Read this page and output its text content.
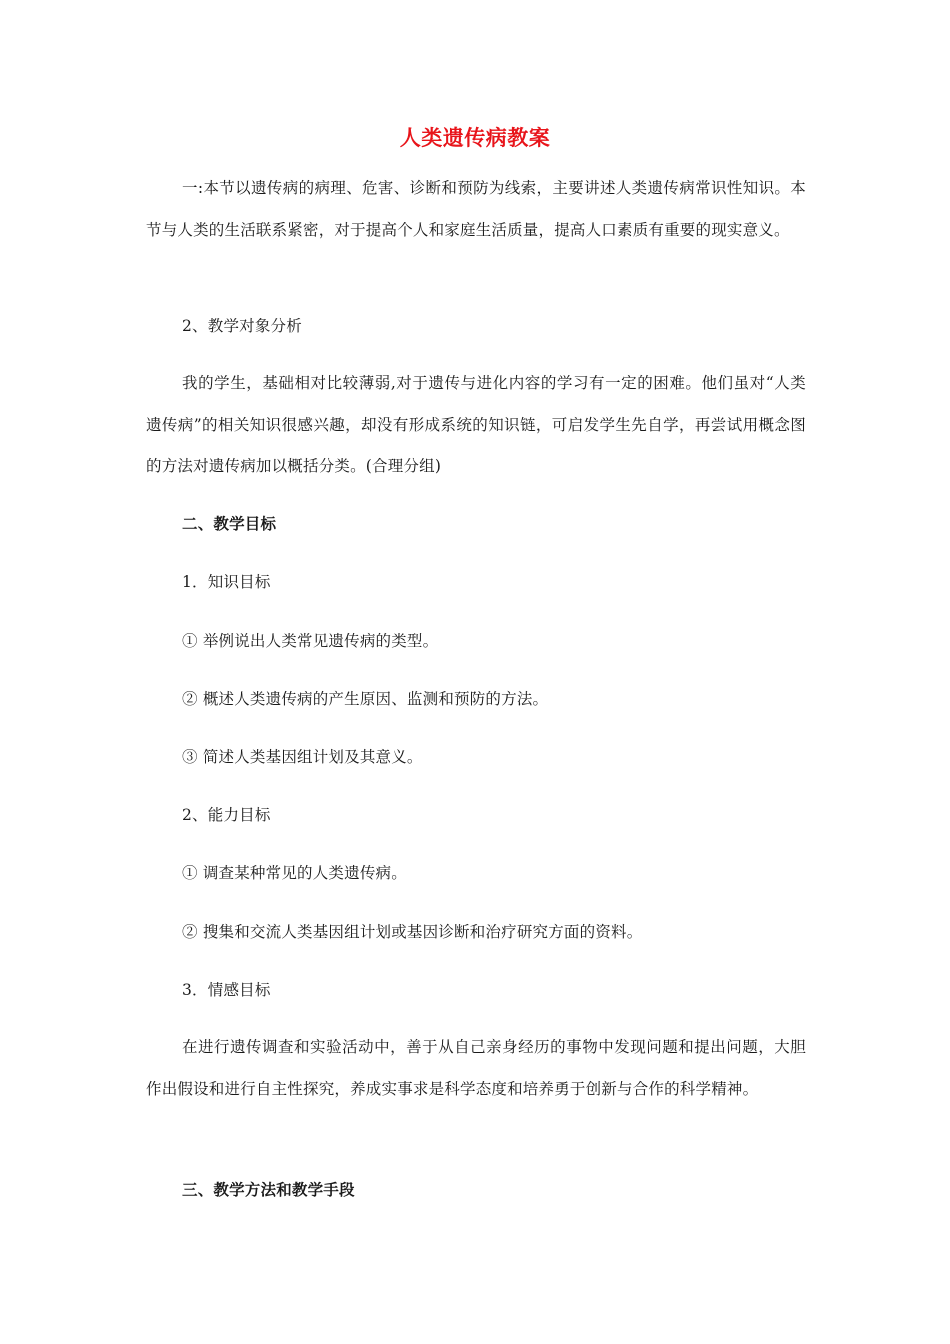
人类遗传病教案
一:本节以遗传病的病理、危害、诊断和预防为线索，主要讲述人类遗传病常识性知识。本节与人类的生活联系紧密，对于提高个人和家庭生活质量，提高人口素质有重要的现实意义。
2、教学对象分析
我的学生，基础相对比较薄弱,对于遗传与进化内容的学习有一定的困难。他们虽对“人类遗传病”的相关知识很感兴趣，却没有形成系统的知识链，可启发学生先自学，再尝试用概念图的方法对遗传病加以概括分类。(合理分组)
二、教学目标
1．知识目标
① 举例说出人类常见遗传病的类型。
② 概述人类遗传病的产生原因、监测和预防的方法。
③ 简述人类基因组计划及其意义。
2、能力目标
① 调查某种常见的人类遗传病。
② 搜集和交流人类基因组计划或基因诊断和治疗研究方面的资料。
3．情感目标
在进行遗传调查和实验活动中，善于从自己亲身经历的事物中发现问题和提出问题，大胆作出假设和进行自主性探究，养成实事求是科学态度和培养勇于创新与合作的科学精神。
三、教学方法和教学手段
